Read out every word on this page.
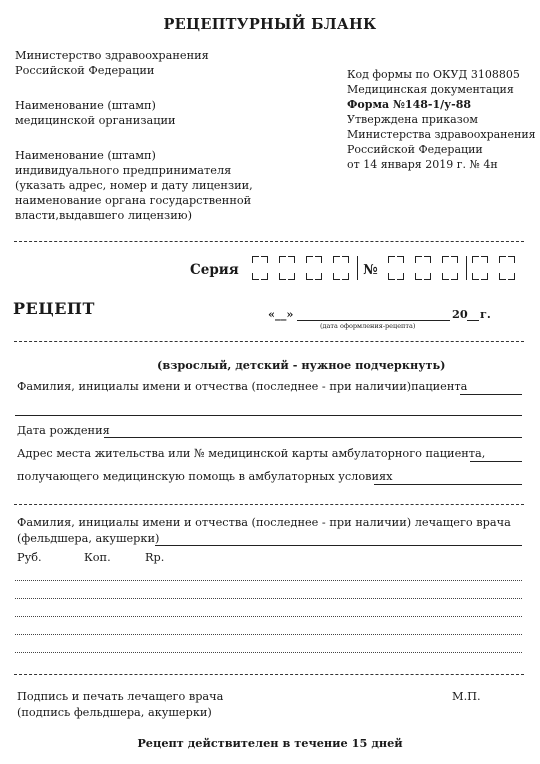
РЕЦЕПТУРНЫЙ БЛАНК
Министерство здравоохранения
Российской Федерации
Наименование (штамп)
медицинской организации
Наименование (штамп)
индивидуального предпринимателя
(указать адрес, номер и дату лицензии,
наименование органа государственной
власти,выдавшего лицензию)
Код формы по ОКУД 3108805
Медицинская документация
Форма №148-1/у-88
Утверждена приказом
Министерства здравоохранения
Российской Федерации
от 14 января 2019 г. № 4н
Серия	№
РЕЦЕПТ	«__»	20 г.
(дата оформления-рецепта)
(взрослый, детский - нужное подчеркнуть)
Фамилия, инициалы имени и отчества (последнее - при наличии)пациента
Дата рождения
Адрес места жительства или № медицинской карты амбулаторного пациента,
получающего медицинскую помощь в амбулаторных условиях
Фамилия, инициалы имени и отчества (последнее - при наличии) лечащего врача
(фельдшера, акушерки)
Руб.	Коп.	Rp.
Подпись и печать лечащего врача
(подпись фельдшера, акушерки)
М.П.
Рецепт действителен в течение 15 дней
